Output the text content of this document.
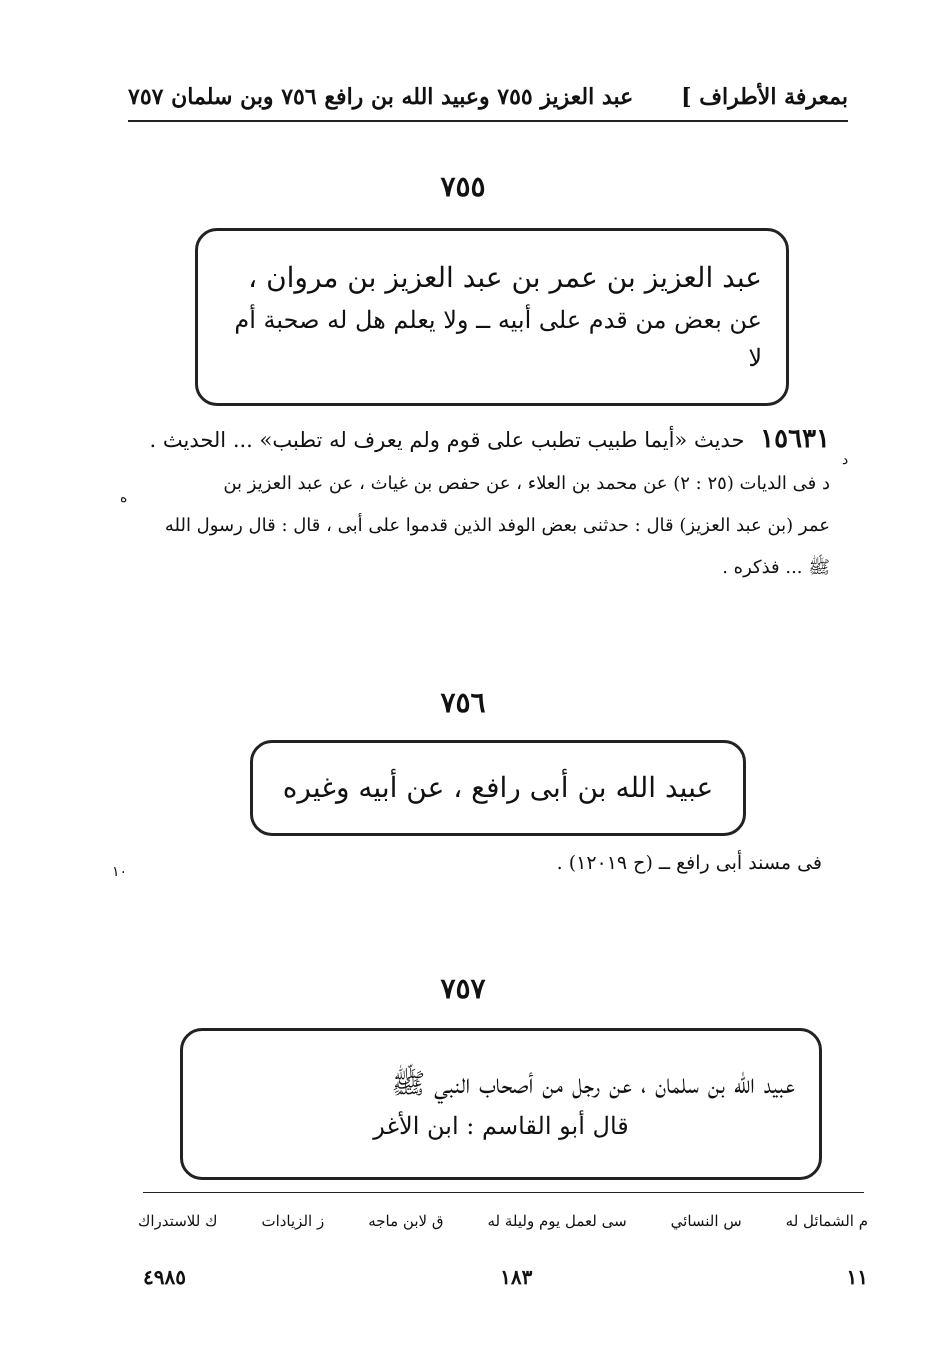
بمعرفة الأطراف ]
عبد العزيز ٧٥٥ وعبيد الله بن رافع ٧٥٦ وبن سلمان ٧٥٧
٧٥٥
عبد العزيز بن عمر بن عبد العزيز بن مروان ،
عن بعض من قدم على أبيه ــ ولا يعلم هل له صحبة أم لا
١٥٦٣١ حديث «أيما طبيب تطبب على قوم ولم يعرف له تطبب» ... الحديث .
د فى الديات (٢٥ : ٢) عن محمد بن العلاء ، عن حفص بن غياث ، عن عبد العزيز بن
عمر (بن عبد العزيز) قال : حدثنى بعض الوفد الذين قدموا على أبى ، قال : قال رسول الله
ﷺ ... فذكره .
د
ه
٧٥٦
عبيد الله بن أبى رافع ، عن أبيه وغيره
فى مسند أبى رافع ــ (ح ١٢٠١٩) .
١٠
٧٥٧
عبيد الله بن سلمان ، عن رجل من أصحاب النبي ﷺ
قال أبو القاسم : ابن الأغر
م الشمائل له
س النسائي
سى لعمل يوم وليلة له
ق لابن ماجه
ز الزيادات
ك للاستدراك
١١
١٨٣
٤٩٨٥
